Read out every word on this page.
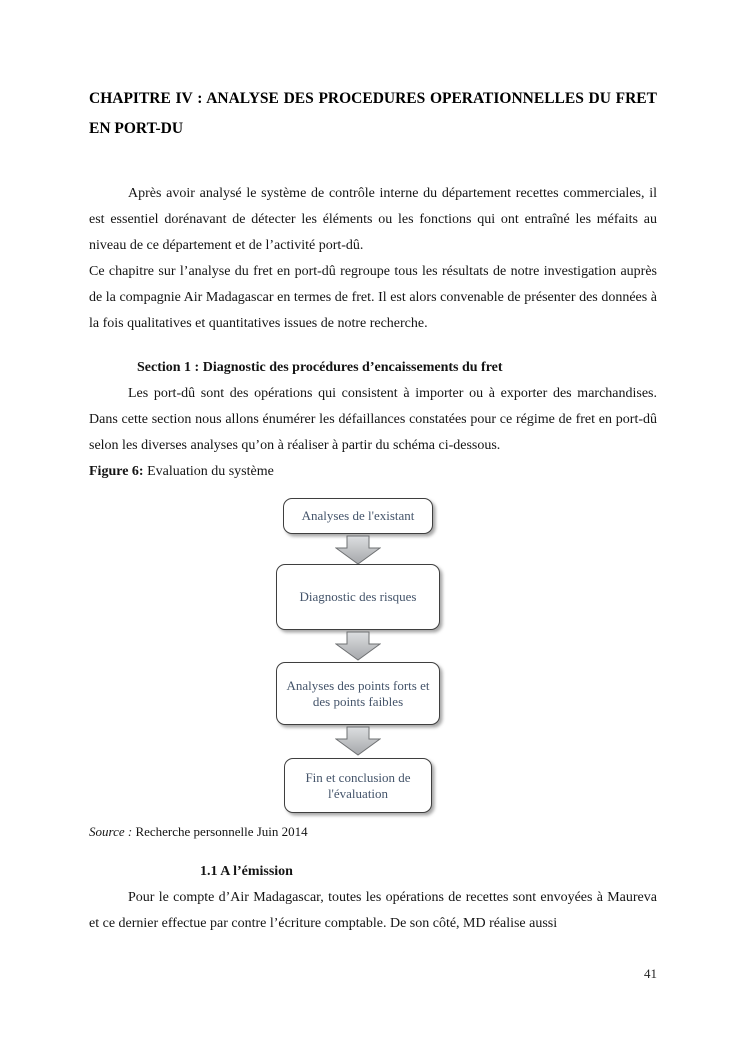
CHAPITRE IV : ANALYSE DES PROCEDURES OPERATIONNELLES DU FRET EN PORT-DU

Après avoir analysé le système de contrôle interne du département recettes commerciales, il est essentiel dorénavant de détecter les éléments ou les fonctions qui ont entraîné les méfaits au niveau de ce département et de l’activité port-dû.

Ce chapitre sur l’analyse du fret en port-dû regroupe tous les résultats de notre investigation auprès de la compagnie Air Madagascar en termes de fret. Il est alors convenable de présenter des données à la fois qualitatives et quantitatives issues de notre recherche.

Section 1 : Diagnostic des procédures d’encaissements du fret

Les port-dû sont des opérations qui consistent à importer ou à exporter des marchandises. Dans cette section nous allons énumérer les défaillances constatées pour ce régime de fret en port-dû selon les diverses analyses qu’on à réaliser à partir du schéma ci-dessous.

Figure 6: Evaluation du système

Analyses de l'existant
Diagnostic des risques
Analyses des points forts et des points faibles
Fin et conclusion de l'évaluation

Source : Recherche personnelle Juin 2014

1.1 A l’émission

Pour le compte d’Air Madagascar, toutes les opérations de recettes sont envoyées à Maureva et ce dernier effectue par contre l’écriture comptable. De son côté, MD réalise aussi

41
